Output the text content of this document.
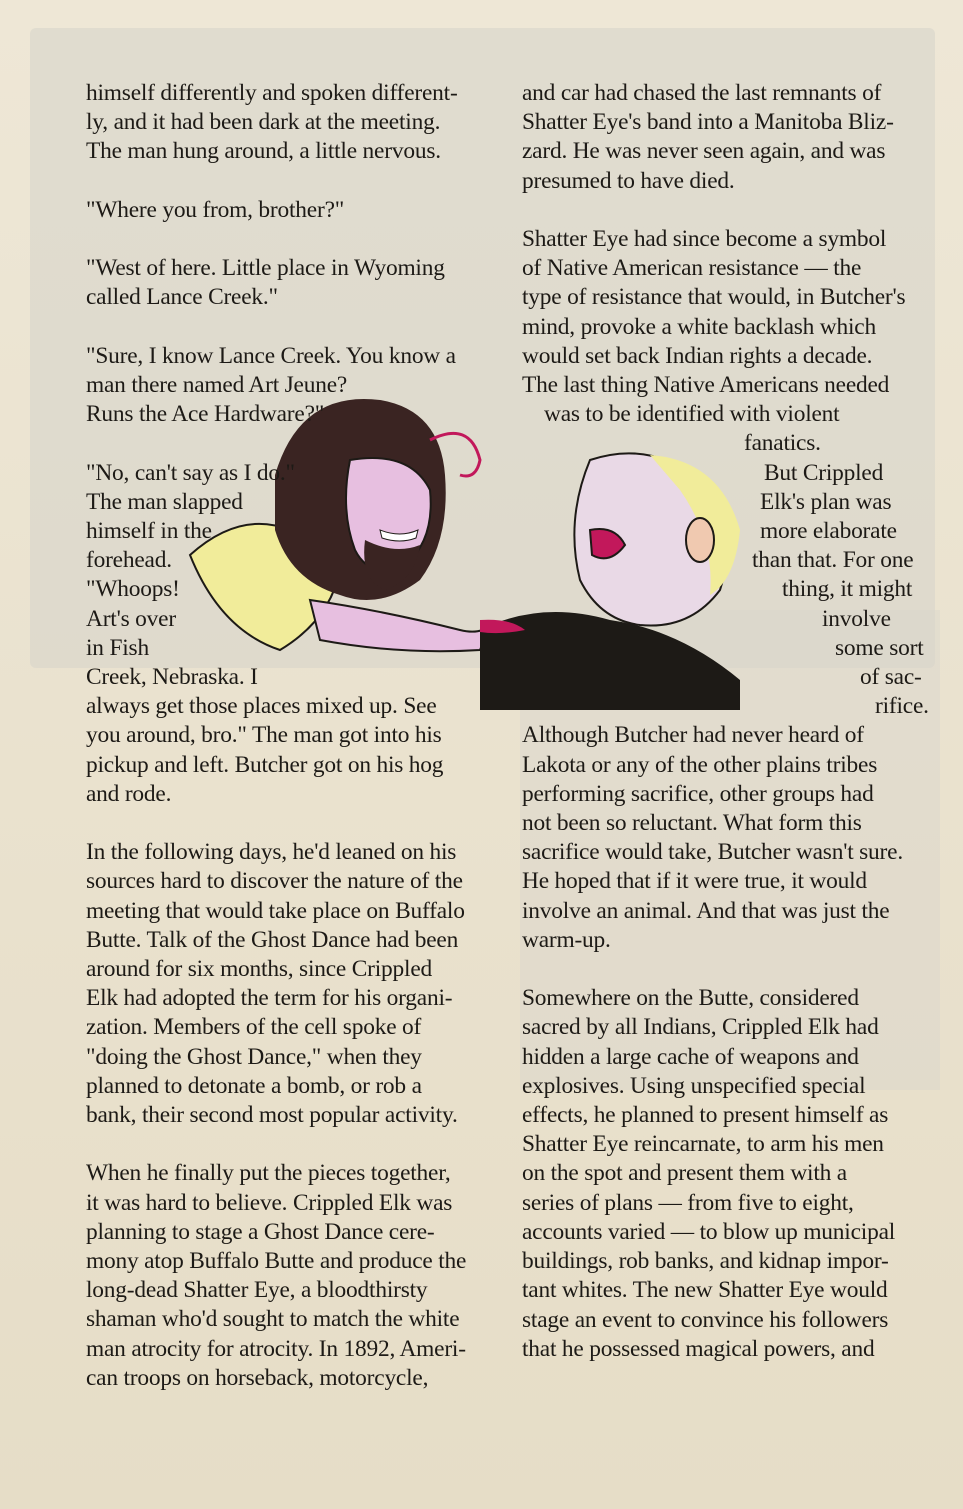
himself differently and spoken different-
ly, and it had been dark at the meeting.
The man hung around, a little nervous.

"Where you from, brother?"

"West of here. Little place in Wyoming
called Lance Creek."

"Sure, I know Lance Creek. You know a
man there named Art Jeune?
Runs the Ace Hardware?"

"No, can't say as I do."
The man slapped
himself in the
forehead.
"Whoops!
Art's over
in Fish
Creek, Nebraska. I
always get those places mixed up. See
you around, bro." The man got into his
pickup and left. Butcher got on his hog
and rode.

In the following days, he'd leaned on his
sources hard to discover the nature of the
meeting that would take place on Buffalo
Butte. Talk of the Ghost Dance had been
around for six months, since Crippled
Elk had adopted the term for his organi-
zation. Members of the cell spoke of
"doing the Ghost Dance," when they
planned to detonate a bomb, or rob a
bank, their second most popular activity.

When he finally put the pieces together,
it was hard to believe. Crippled Elk was
planning to stage a Ghost Dance cere-
mony atop Buffalo Butte and produce the
long-dead Shatter Eye, a bloodthirsty
shaman who'd sought to match the white
man atrocity for atrocity. In 1892, Ameri-
can troops on horseback, motorcycle,

and car had chased the last remnants of
Shatter Eye's band into a Manitoba Bliz-
zard. He was never seen again, and was
presumed to have died.

Shatter Eye had since become a symbol
of Native American resistance — the
type of resistance that would, in Butcher's
mind, provoke a white backlash which
would set back Indian rights a decade.
The last thing Native Americans needed
was to be identified with violent
fanatics.
But Crippled
Elk's plan was
more elaborate
than that. For one
thing, it might
involve
some sort
of sac-
rifice.
Although Butcher had never heard of
Lakota or any of the other plains tribes
performing sacrifice, other groups had
not been so reluctant. What form this
sacrifice would take, Butcher wasn't sure.
He hoped that if it were true, it would
involve an animal. And that was just the
warm-up.

Somewhere on the Butte, considered
sacred by all Indians, Crippled Elk had
hidden a large cache of weapons and
explosives. Using unspecified special
effects, he planned to present himself as
Shatter Eye reincarnate, to arm his men
on the spot and present them with a
series of plans — from five to eight,
accounts varied — to blow up municipal
buildings, rob banks, and kidnap impor-
tant whites. The new Shatter Eye would
stage an event to convince his followers
that he possessed magical powers, and
